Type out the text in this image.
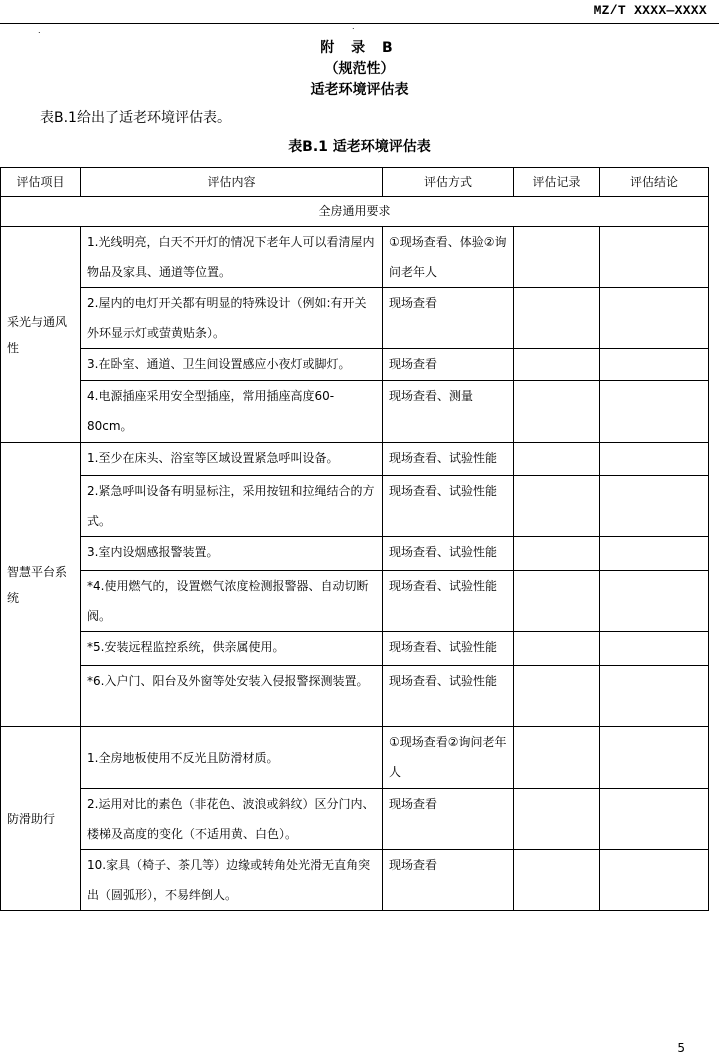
MZ/T XXXX—XXXX
.	.
附 录 B
（规范性）
适老环境评估表
表B.1给出了适老环境评估表。
表B.1 适老环境评估表
评估项目	评估内容	评估方式	评估记录	评估结论
全房通用要求				
采光与通风性	1.光线明亮，白天不开灯的情况下老年人可以看清屋内物品及家具、通道等位置。	①现场查看、体验②询问老年人		
	2.屋内的电灯开关都有明显的特殊设计（例如:有开关外环显示灯或萤黄贴条）。	现场查看		
	3.在卧室、通道、卫生间设置感应小夜灯或脚灯。	现场查看		
	4.电源插座采用安全型插座，常用插座高度60-80cm。	现场查看、测量		
智慧平台系统	1.至少在床头、浴室等区域设置紧急呼叫设备。	现场查看、试验性能		
	2.紧急呼叫设备有明显标注，采用按钮和拉绳结合的方式。	现场查看、试验性能		
	3.室内设烟感报警装置。	现场查看、试验性能		
	*4.使用燃气的，设置燃气浓度检测报警器、自动切断阀。	现场查看、试验性能		
	*5.安装远程监控系统，供亲属使用。	现场查看、试验性能		
	*6.入户门、阳台及外窗等处安装入侵报警探测装置。	现场查看、试验性能		
防滑助行	1.全房地板使用不反光且防滑材质。	①现场查看②询问老年人		
	2.运用对比的素色（非花色、波浪或斜纹）区分门内、楼梯及高度的变化（不适用黄、白色）。	现场查看		
	10.家具（椅子、茶几等）边缘或转角处光滑无直角突出（圆弧形），不易绊倒人。	现场查看		
5
